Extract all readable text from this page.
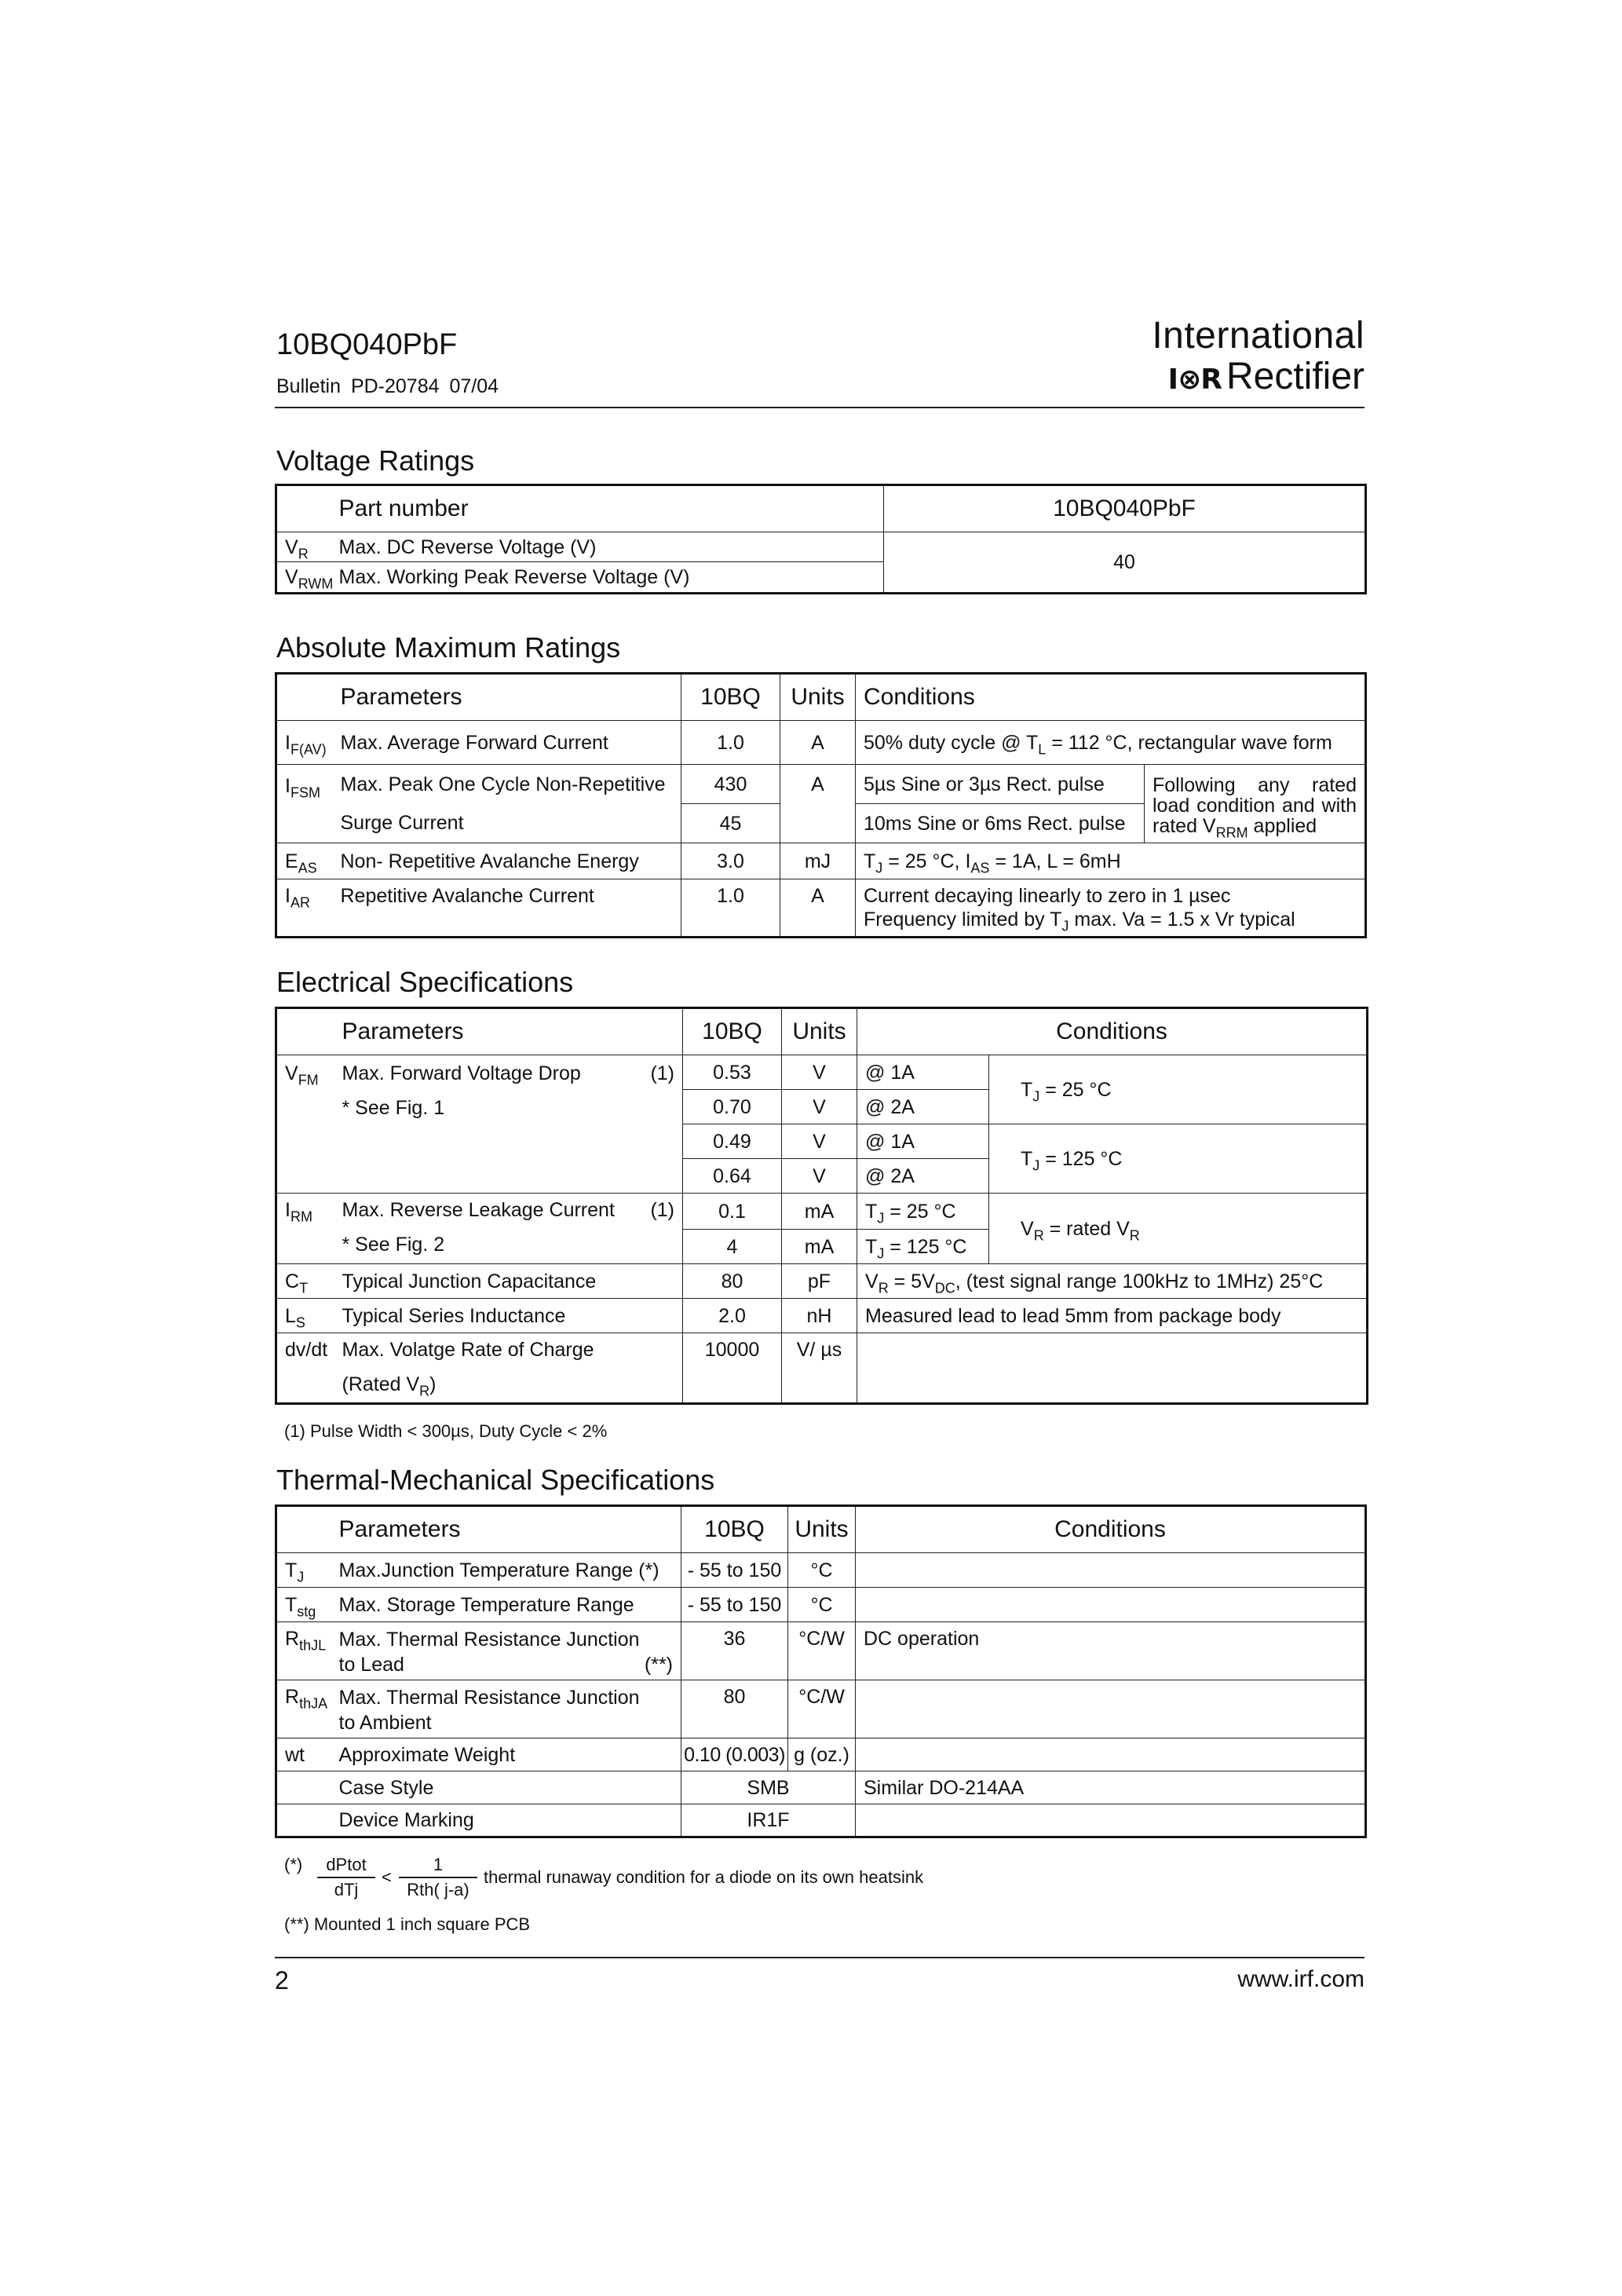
10BQ040PbF
Bulletin PD-20784 07/04
International
I⊗R Rectifier
Voltage Ratings
	Part number	10BQ040PbF
$V_R$	Max. DC Reverse Voltage (V)	40
$V_{RWM}$	Max. Working Peak Reverse Voltage (V)	
Absolute Maximum Ratings
	Parameters	10BQ	Units	Conditions	
$I_{F(AV)}$	Max. Average Forward Current	1.0	A	50% duty cycle @ $T_L = 112$ °C, rectangular wave form	
$I_{FSM}$	Max. Peak One Cycle Non-Repetitive	430	A	5µs Sine or 3µs Rect. pulse	Following any rated load condition and with rated $V_{RRM}$ applied
	Surge Current	45		10ms Sine or 6ms Rect. pulse	
$E_{AS}$	Non- Repetitive Avalanche Energy	3.0	mJ	$T_J = 25$ °C, $I_{AS} = 1A$, L = 6mH	
$I_{AR}$	Repetitive Avalanche Current	1.0	A	Current decaying linearly to zero in 1 µsec
Frequency limited by $T_J$ max. Va = 1.5 x Vr typical	
Electrical Specifications
	Parameters	10BQ	Units	Conditions	
$V_{FM}$	Max. Forward Voltage Drop (1)
* See Fig. 1	0.53	V	@ 1A	$T_J = 25$ °C
		0.70	V	@ 2A	
		0.49	V	@ 1A	$T_J = 125$ °C
		0.64	V	@ 2A	
$I_{RM}$	Max. Reverse Leakage Current (1)
* See Fig. 2	0.1	mA	$T_J = 25$ °C	$V_R$ = rated $V_R$
		4	mA	$T_J = 125$ °C	
$C_T$	Typical Junction Capacitance	80	pF	$V_R = 5V_{DC}$, (test signal range 100kHz to 1MHz) 25°C	
$L_S$	Typical Series Inductance	2.0	nH	Measured lead to lead 5mm from package body	
dv/dt	Max. Volatge Rate of Charge
(Rated $V_R$)	10000	V/ µs		
(1) Pulse Width < 300µs, Duty Cycle < 2%
Thermal-Mechanical Specifications
	Parameters	10BQ	Units	Conditions
$T_J$	Max.Junction Temperature Range (*)	- 55 to 150	°C	
$T_{stg}$	Max. Storage Temperature Range	- 55 to 150	°C	
$R_{thJL}$	Max. Thermal Resistance Junction
to Lead (**)	36	°C/W	DC operation
$R_{thJA}$	Max. Thermal Resistance Junction
to Ambient	80	°C/W	
wt	Approximate Weight	0.10 (0.003)	g (oz.)	
	Case Style	SMB		Similar DO-214AA
	Device Marking	IR1F		
(*)	dPtot
dTj
<
1
Rth( j-a)
thermal runaway condition for a diode on its own heatsink
(**) Mounted 1 inch square PCB
2	www.irf.com
